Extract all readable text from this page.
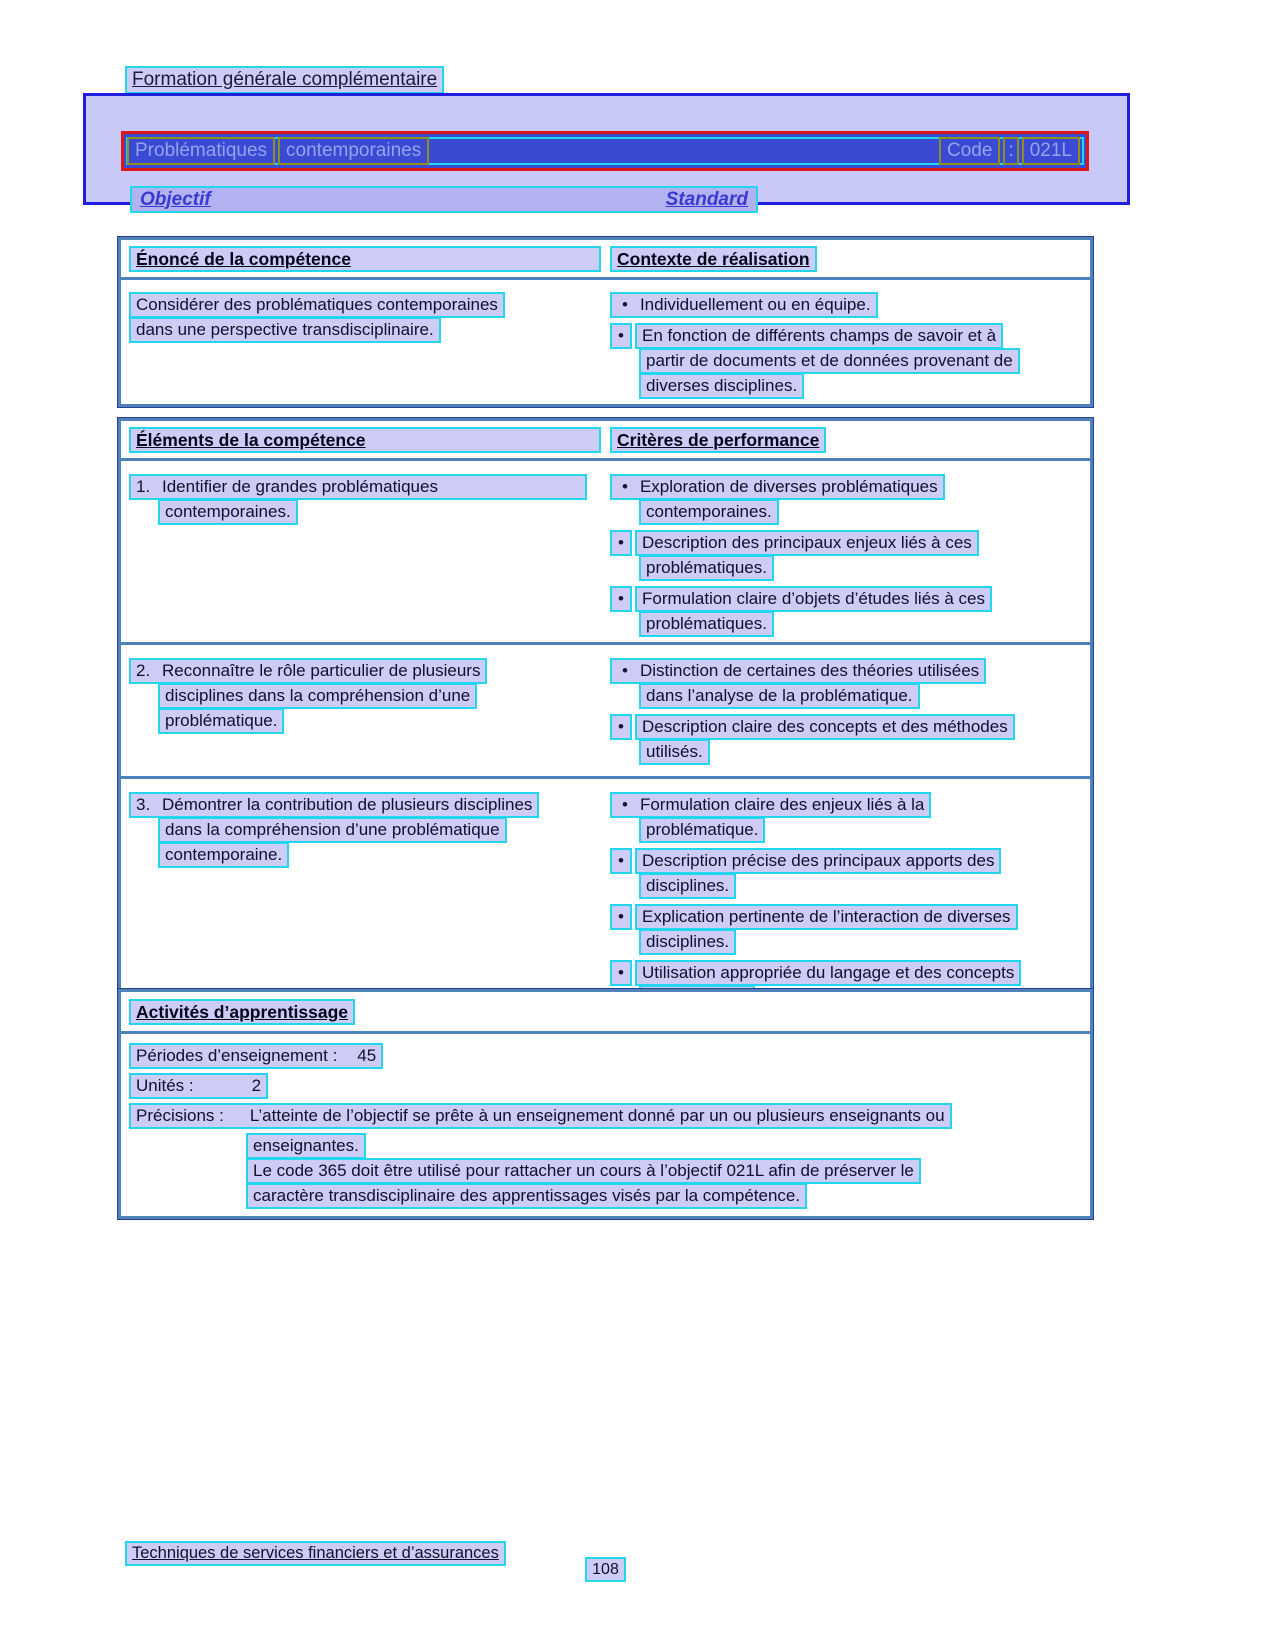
Formation générale complémentaire
Problématiques	contemporaines	Code : 021L
Objectif	Standard
Énoncé de la compétence	Contexte de réalisation
Considérer des problématiques contemporaines
dans une perspective transdisciplinaire.
• Individuellement ou en équipe.
• En fonction de différents champs de savoir et à
partir de documents et de données provenant de
diverses disciplines.
Éléments de la compétence	Critères de performance
1. Identifier de grandes problématiques
contemporaines.
• Exploration de diverses problématiques
contemporaines.
• Description des principaux enjeux liés à ces
problématiques.
• Formulation claire d’objets d’études liés à ces
problématiques.
2. Reconnaître le rôle particulier de plusieurs
disciplines dans la compréhension d’une
problématique.
• Distinction de certaines des théories utilisées
dans l’analyse de la problématique.
• Description claire des concepts et des méthodes
utilisés.
3. Démontrer la contribution de plusieurs disciplines
dans la compréhension d’une problématique
contemporaine.
• Formulation claire des enjeux liés à la
problématique.
• Description précise des principaux apports des
disciplines.
• Explication pertinente de l’interaction de diverses
disciplines.
• Utilisation appropriée du langage et des concepts
Activités d’apprentissage
Périodes d’enseignement : 45
Unités :	2
Précisions : L’atteinte de l’objectif se prête à un enseignement donné par un ou plusieurs enseignants ou
enseignantes.
Le code 365 doit être utilisé pour rattacher un cours à l’objectif 021L afin de préserver le
caractère transdisciplinaire des apprentissages visés par la compétence.
Techniques de services financiers et d’assurances
108
